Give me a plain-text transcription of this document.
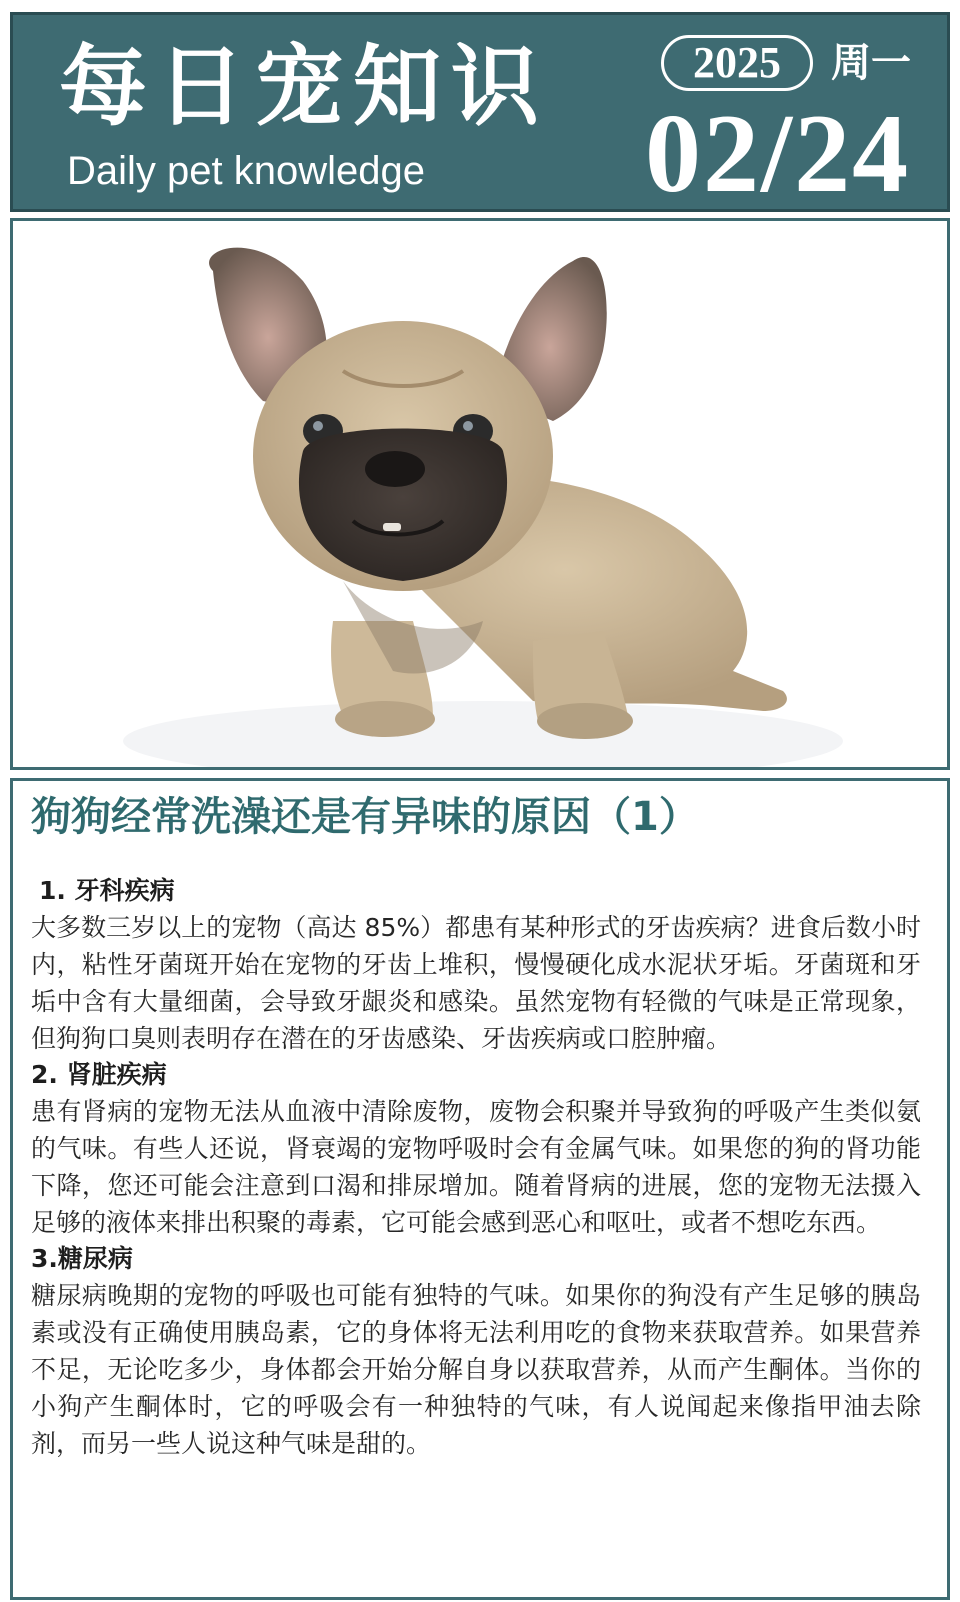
每日宠知识
Daily pet knowledge
2025	周一
02/24
狗狗经常洗澡还是有异味的原因（1）
1. 牙科疾病
大多数三岁以上的宠物（高达 85%）都患有某种形式的牙齿疾病？进食后数小时内，粘性牙菌斑开始在宠物的牙齿上堆积，慢慢硬化成水泥状牙垢。牙菌斑和牙垢中含有大量细菌，会导致牙龈炎和感染。虽然宠物有轻微的气味是正常现象，但狗狗口臭则表明存在潜在的牙齿感染、牙齿疾病或口腔肿瘤。
2. 肾脏疾病
患有肾病的宠物无法从血液中清除废物，废物会积聚并导致狗的呼吸产生类似氨的气味。有些人还说，肾衰竭的宠物呼吸时会有金属气味。如果您的狗的肾功能下降，您还可能会注意到口渴和排尿增加。随着肾病的进展，您的宠物无法摄入足够的液体来排出积聚的毒素，它可能会感到恶心和呕吐，或者不想吃东西。
3.糖尿病
糖尿病晚期的宠物的呼吸也可能有独特的气味。如果你的狗没有产生足够的胰岛素或没有正确使用胰岛素，它的身体将无法利用吃的食物来获取营养。如果营养不足，无论吃多少，身体都会开始分解自身以获取营养，从而产生酮体。当你的小狗产生酮体时，它的呼吸会有一种独特的气味，有人说闻起来像指甲油去除剂，而另一些人说这种气味是甜的。
